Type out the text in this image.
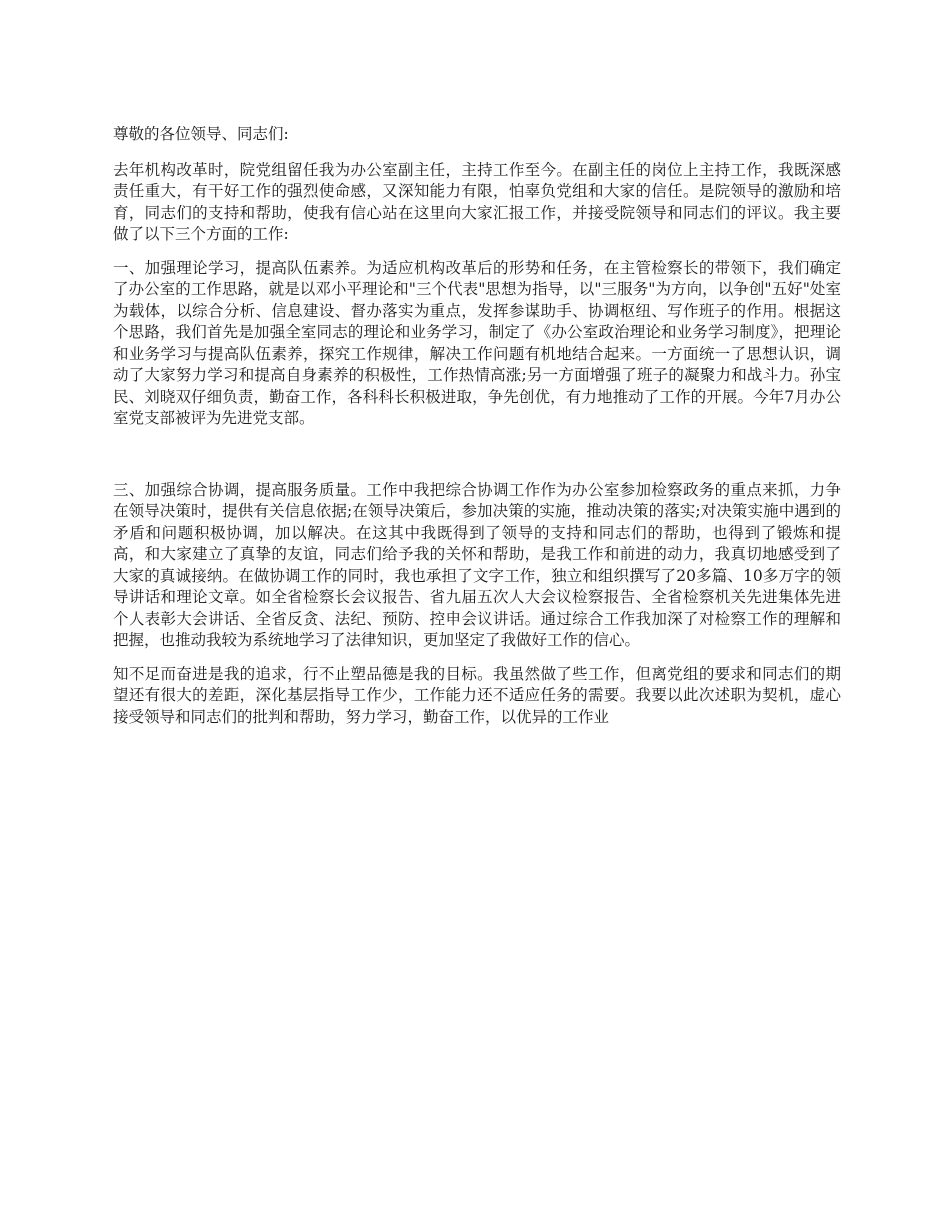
尊敬的各位领导、同志们:

去年机构改革时，院党组留任我为办公室副主任，主持工作至今。在副主任的岗位上主持工作，我既深感责任重大，有干好工作的强烈使命感，又深知能力有限，怕辜负党组和大家的信任。是院领导的激励和培育，同志们的支持和帮助，使我有信心站在这里向大家汇报工作，并接受院领导和同志们的评议。我主要做了以下三个方面的工作:

一、加强理论学习，提高队伍素养。为适应机构改革后的形势和任务，在主管检察长的带领下，我们确定了办公室的工作思路，就是以邓小平理论和"三个代表"思想为指导，以"三服务"为方向，以争创"五好"处室为载体，以综合分析、信息建设、督办落实为重点，发挥参谋助手、协调枢纽、写作班子的作用。根据这个思路，我们首先是加强全室同志的理论和业务学习，制定了《办公室政治理论和业务学习制度》，把理论和业务学习与提高队伍素养，探究工作规律，解决工作问题有机地结合起来。一方面统一了思想认识，调动了大家努力学习和提高自身素养的积极性，工作热情高涨;另一方面增强了班子的凝聚力和战斗力。孙宝民、刘晓双仔细负责，勤奋工作，各科科长积极进取，争先创优，有力地推动了工作的开展。今年7月办公室党支部被评为先进党支部。

三、加强综合协调，提高服务质量。工作中我把综合协调工作作为办公室参加检察政务的重点来抓，力争在领导决策时，提供有关信息依据;在领导决策后，参加决策的实施，推动决策的落实;对决策实施中遇到的矛盾和问题积极协调，加以解决。在这其中我既得到了领导的支持和同志们的帮助，也得到了锻炼和提高，和大家建立了真挚的友谊，同志们给予我的关怀和帮助，是我工作和前进的动力，我真切地感受到了大家的真诚接纳。在做协调工作的同时，我也承担了文字工作，独立和组织撰写了20多篇、10多万字的领导讲话和理论文章。如全省检察长会议报告、省九届五次人大会议检察报告、全省检察机关先进集体先进个人表彰大会讲话、全省反贪、法纪、预防、控申会议讲话。通过综合工作我加深了对检察工作的理解和把握，也推动我较为系统地学习了法律知识，更加坚定了我做好工作的信心。

知不足而奋进是我的追求，行不止塑品德是我的目标。我虽然做了些工作，但离党组的要求和同志们的期望还有很大的差距，深化基层指导工作少，工作能力还不适应任务的需要。我要以此次述职为契机，虚心接受领导和同志们的批判和帮助，努力学习，勤奋工作，以优异的工作业
